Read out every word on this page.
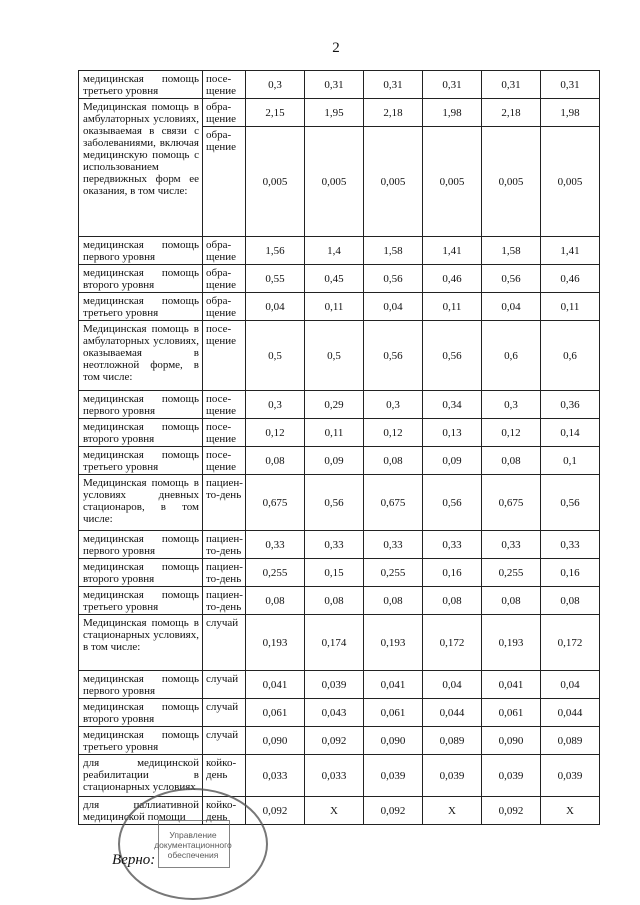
2
медицинская помощь третьего уровня	посе-
щение	0,3	0,31	0,31	0,31	0,31	0,31
Медицинская помощь в амбулаторных условиях, оказываемая в связи с заболеваниями, включая медицинскую помощь с использованием передвижных форм ее оказания, в том числе:	обра-
щение	2,15	1,95	2,18	1,98	2,18	1,98

	обра-
щение	0,005	0,005	0,005	0,005	0,005	0,005
медицинская помощь первого уровня	обра-
щение	1,56	1,4	1,58	1,41	1,58	1,41
медицинская помощь второго уровня	обра-
щение	0,55	0,45	0,56	0,46	0,56	0,46
медицинская помощь третьего уровня	обра-
щение	0,04	0,11	0,04	0,11	0,04	0,11
Медицинская помощь в амбулаторных условиях, оказываемая в неотложной форме, в том числе:	посе-
щение	0,5	0,5	0,56	0,56	0,6	0,6
медицинская помощь первого уровня	посе-
щение	0,3	0,29	0,3	0,34	0,3	0,36
медицинская помощь второго уровня	посе-
щение	0,12	0,11	0,12	0,13	0,12	0,14
медицинская помощь третьего уровня	посе-
щение	0,08	0,09	0,08	0,09	0,08	0,1
Медицинская помощь в условиях дневных стационаров, в том числе:	пациен-
то-день	0,675	0,56	0,675	0,56	0,675	0,56
медицинская помощь первого уровня	пациен-
то-день	0,33	0,33	0,33	0,33	0,33	0,33
медицинская помощь второго уровня	пациен-
то-день	0,255	0,15	0,255	0,16	0,255	0,16
медицинская помощь третьего уровня	пациен-
то-день	0,08	0,08	0,08	0,08	0,08	0,08
Медицинская помощь в стационарных условиях, в том числе:	случай	0,193	0,174	0,193	0,172	0,193	0,172
медицинская помощь первого уровня	случай	0,041	0,039	0,041	0,04	0,041	0,04
медицинская помощь второго уровня	случай	0,061	0,043	0,061	0,044	0,061	0,044
медицинская помощь третьего уровня	случай	0,090	0,092	0,090	0,089	0,090	0,089
для медицинской реабилитации в стационарных условиях	койко-
день	0,033	0,033	0,039	0,039	0,039	0,039
для паллиативной медицинской помощи	койко-
день	0,092	X	0,092	X	0,092	X
Управление
документационного
обеспечения
Верно:
